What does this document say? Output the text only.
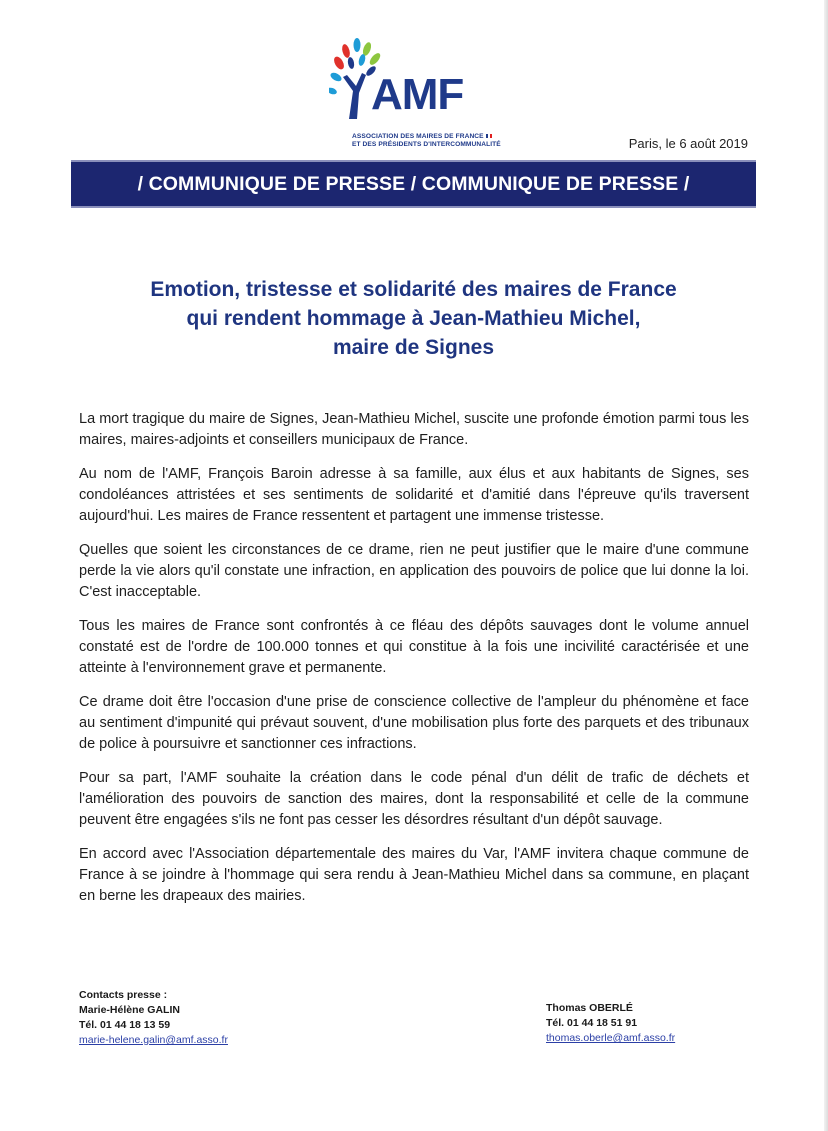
AMF
ASSOCIATION DES MAIRES DE FRANCE
ET DES PRÉSIDENTS D'INTERCOMMUNALITÉ	Paris, le 6 août 2019
/ COMMUNIQUE DE PRESSE / COMMUNIQUE DE PRESSE /
Emotion, tristesse et solidarité des maires de France
qui rendent hommage à Jean-Mathieu Michel,
maire de Signes

La mort tragique du maire de Signes, Jean-Mathieu Michel, suscite une profonde émotion parmi tous les maires, maires-adjoints et conseillers municipaux de France.

Au nom de l'AMF, François Baroin adresse à sa famille, aux élus et aux habitants de Signes, ses condoléances attristées et ses sentiments de solidarité et d'amitié dans l'épreuve qu'ils traversent aujourd'hui. Les maires de France ressentent et partagent une immense tristesse.

Quelles que soient les circonstances de ce drame, rien ne peut justifier que le maire d'une commune perde la vie alors qu'il constate une infraction, en application des pouvoirs de police que lui donne la loi. C'est inacceptable.

Tous les maires de France sont confrontés à ce fléau des dépôts sauvages dont le volume annuel constaté est de l'ordre de 100.000 tonnes et qui constitue à la fois une incivilité caractérisée et une atteinte à l'environnement grave et permanente.

Ce drame doit être l'occasion d'une prise de conscience collective de l'ampleur du phénomène et face au sentiment d'impunité qui prévaut souvent, d'une mobilisation plus forte des parquets et des tribunaux de police à poursuivre et sanctionner ces infractions.

Pour sa part, l'AMF souhaite la création dans le code pénal d'un délit de trafic de déchets et l'amélioration des pouvoirs de sanction des maires, dont la responsabilité et celle de la commune peuvent être engagées s'ils ne font pas cesser les désordres résultant d'un dépôt sauvage.

En accord avec l'Association départementale des maires du Var, l'AMF invitera chaque commune de France à se joindre à l'hommage qui sera rendu à Jean-Mathieu Michel dans sa commune, en plaçant en berne les drapeaux des mairies.

Contacts presse :
Marie-Hélène GALIN
Tél. 01 44 18 13 59
marie-helene.galin@amf.asso.fr
Thomas OBERLÉ
Tél. 01 44 18 51 91
thomas.oberle@amf.asso.fr
